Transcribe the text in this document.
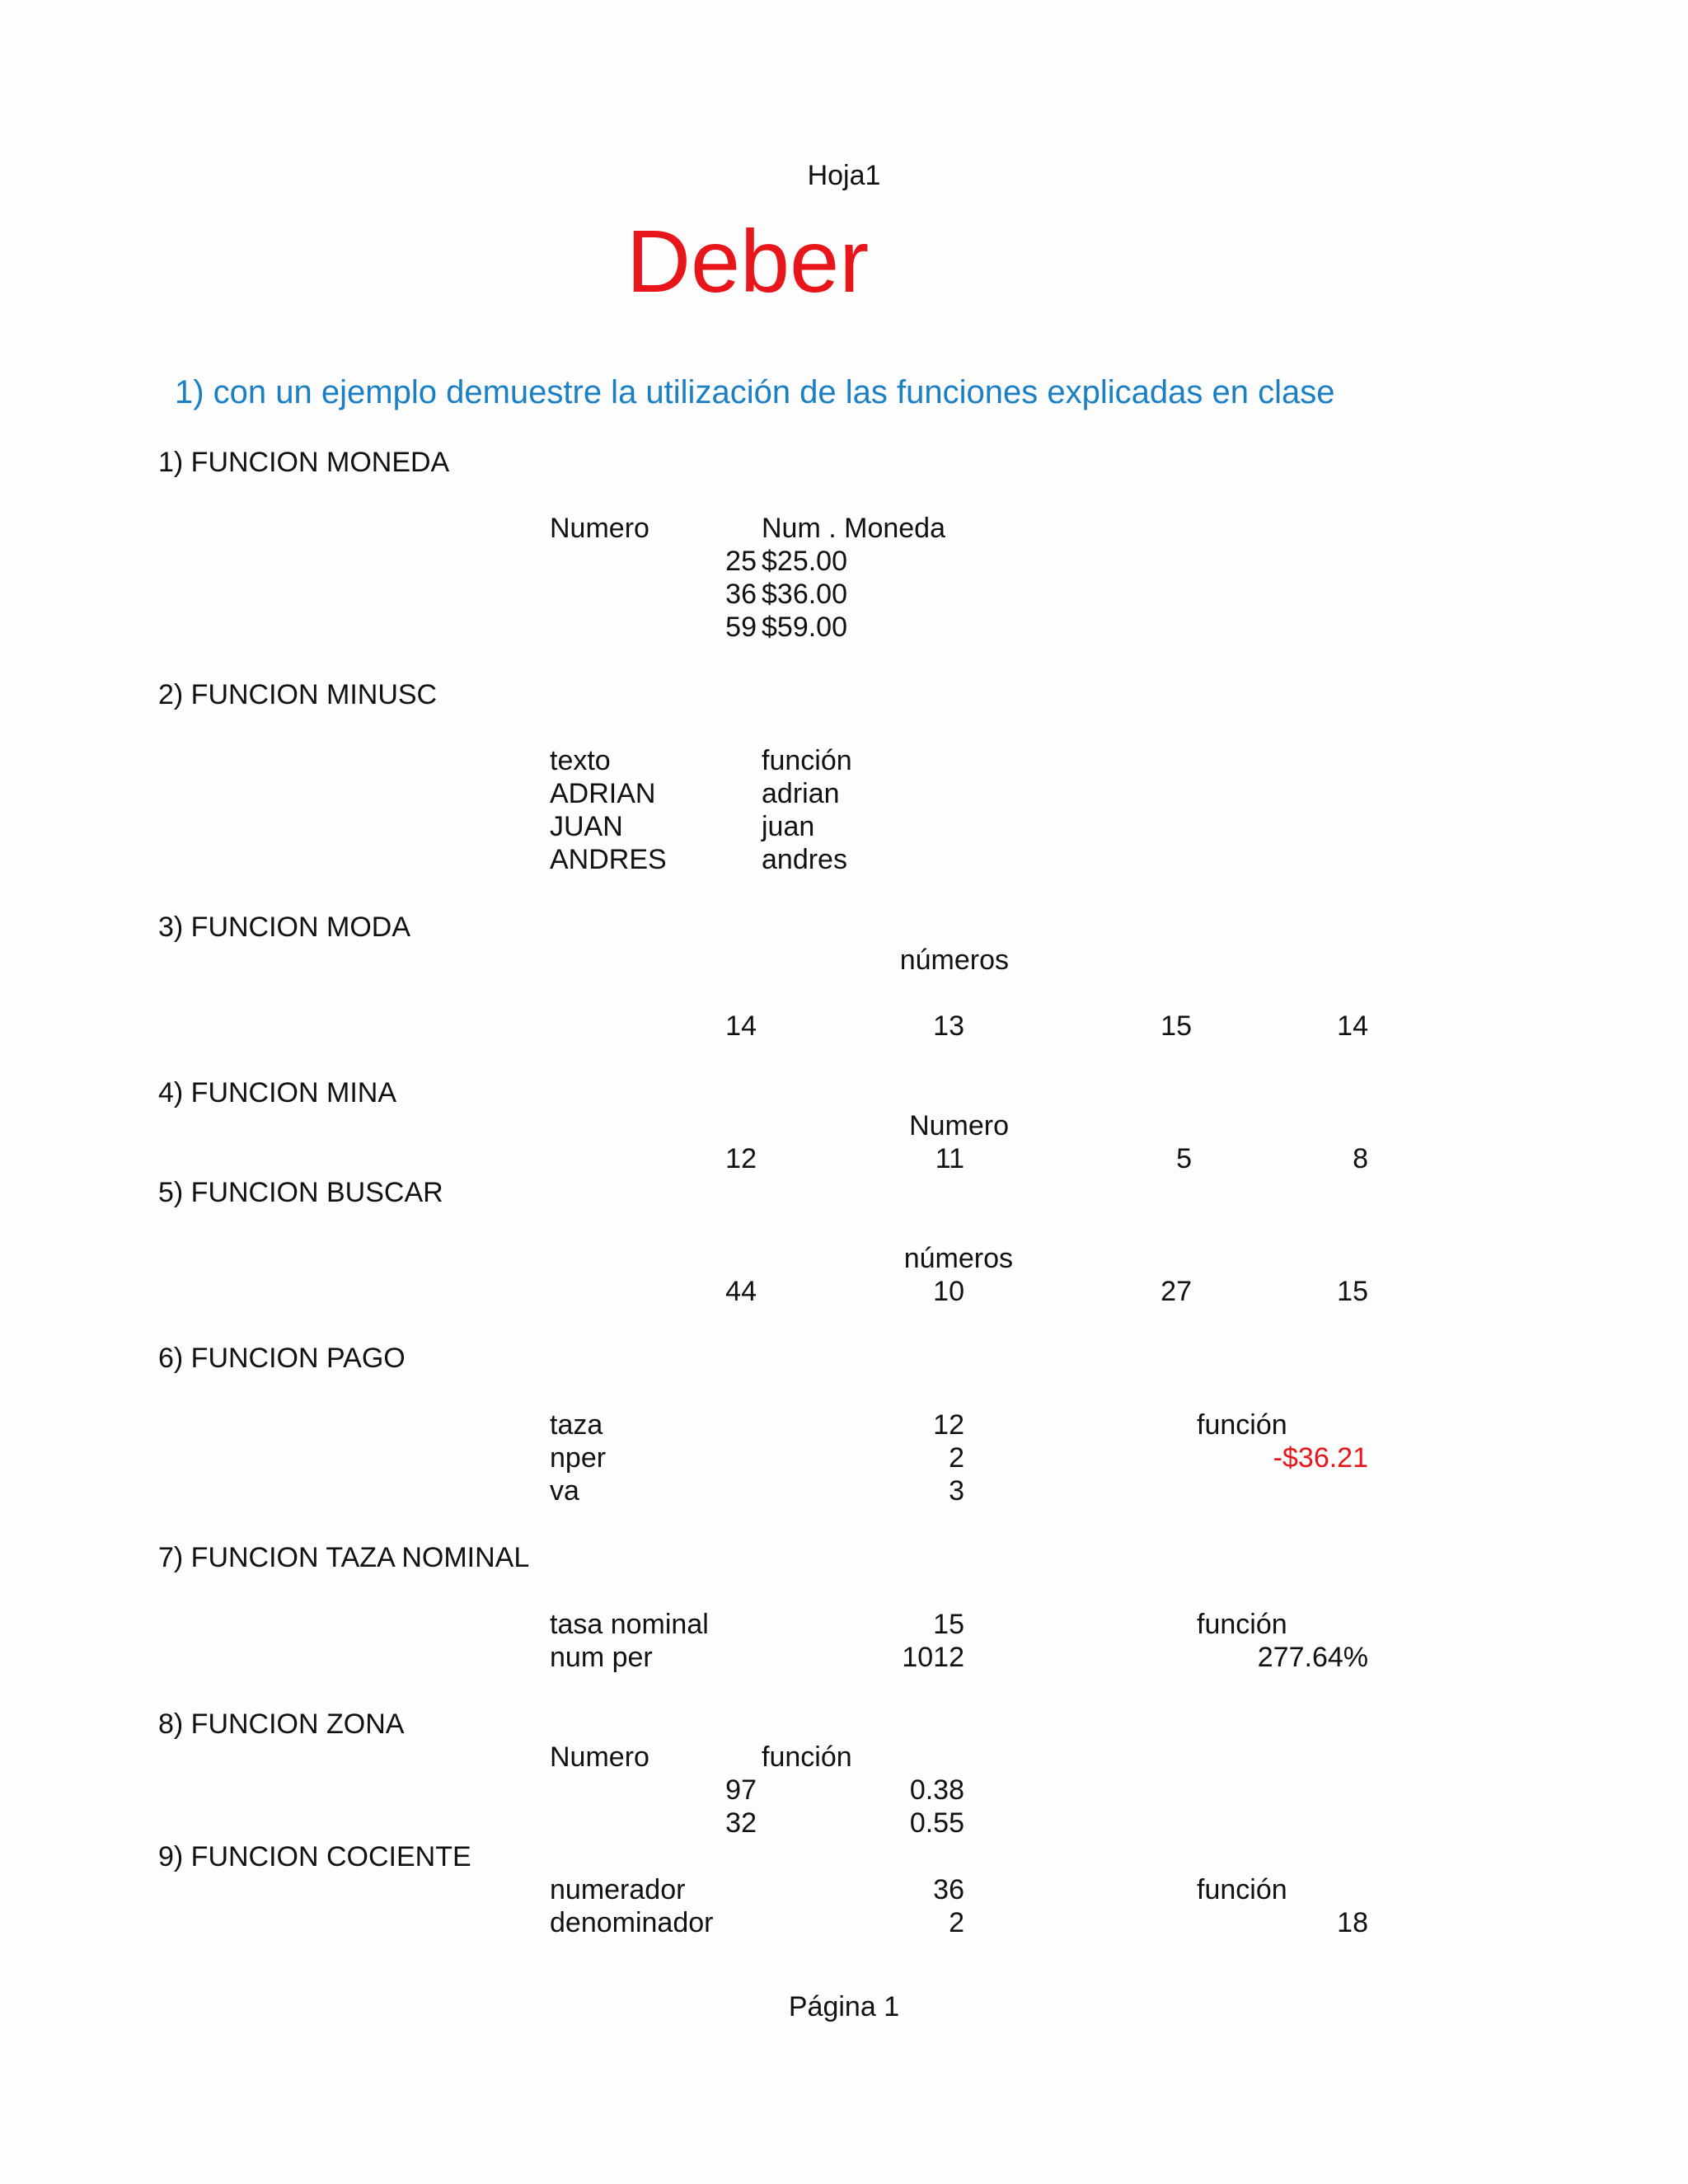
Hoja1
Deber
1) con un ejemplo demuestre la utilización de las funciones explicadas en clase
1) FUNCION MONEDA
Numero	Num . Moneda
25 $25.00
36 $36.00
59 $59.00
2) FUNCION MINUSC
texto	función
ADRIAN	adrian
JUAN	juan
ANDRES	andres
3) FUNCION MODA
números
14	13	15	14
4) FUNCION MINA
Numero
12	11	5	8
5) FUNCION BUSCAR
números
44	10	27	15
6) FUNCION PAGO
taza	12	función
nper	2	-$36.21
va	3
7) FUNCION TAZA NOMINAL
tasa nominal	15	función
num per	1012	277.64%
8) FUNCION ZONA
Numero	función
97	0.38
32	0.55
9) FUNCION COCIENTE
numerador	36	función
denominador	2	18
Página 1
